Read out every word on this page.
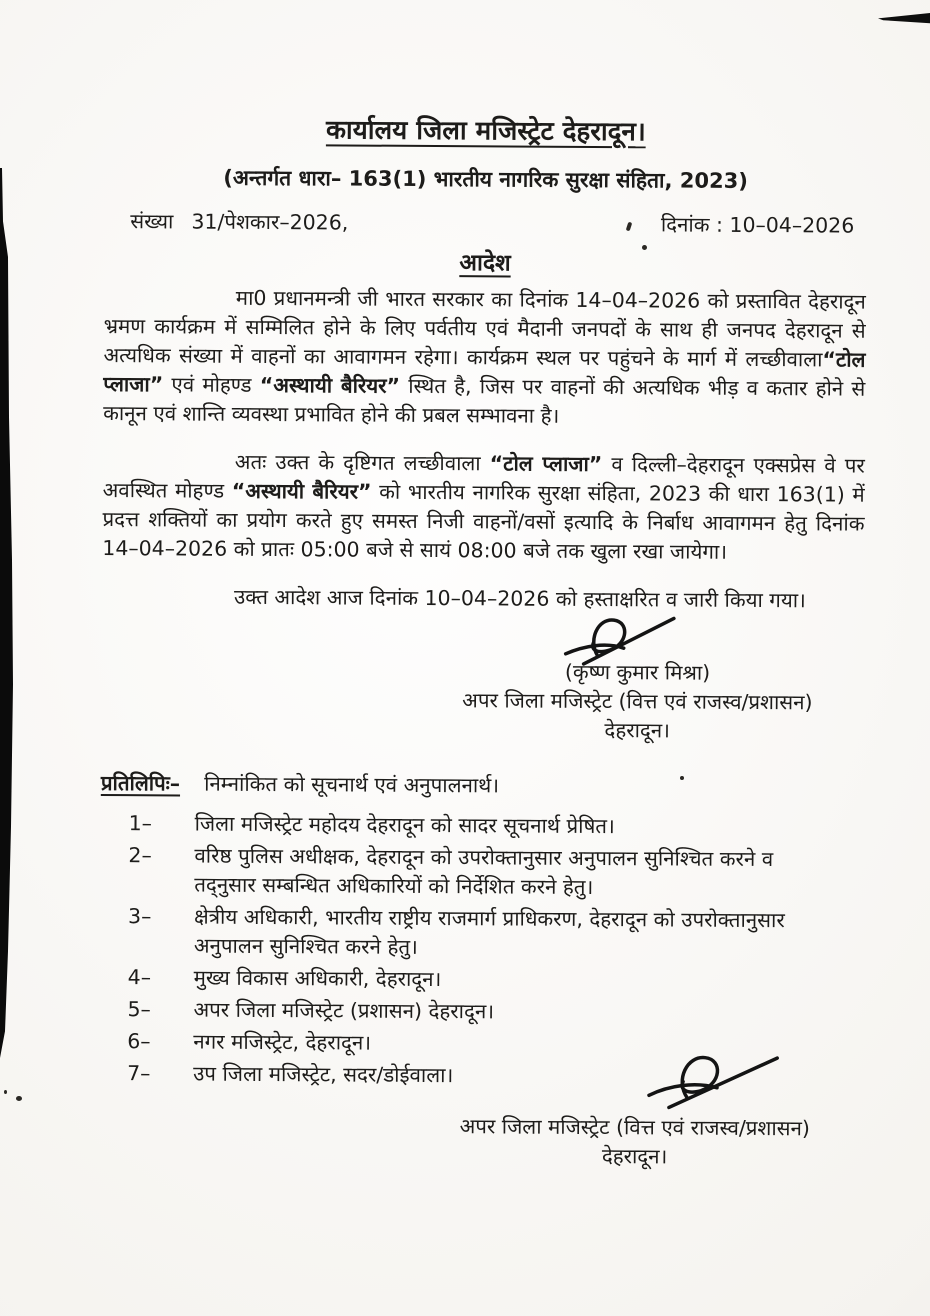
कार्यालय जिला मजिस्ट्रेट देहरादून।
(अन्तर्गत धारा– 163(1) भारतीय नागरिक सुरक्षा संहिता, 2023)
संख्या 31/पेशकार–2026,	दिनांक : 10–04–2026
आदेश

मा0 प्रधानमन्त्री जी भारत सरकार का दिनांक 14–04–2026 को प्रस्तावित देहरादून भ्रमण कार्यक्रम में सम्मिलित होने के लिए पर्वतीय एवं मैदानी जनपदों के साथ ही जनपद देहरादून से अत्यधिक संख्या में वाहनों का आवागमन रहेगा। कार्यक्रम स्थल पर पहुंचने के मार्ग में लच्छीवाला“टोल प्लाजा” एवं मोहण्ड “अस्थायी बैरियर” स्थित है, जिस पर वाहनों की अत्यधिक भीड़ व कतार होने से कानून एवं शान्ति व्यवस्था प्रभावित होने की प्रबल सम्भावना है।

अतः उक्त के दृष्टिगत लच्छीवाला “टोल प्लाजा” व दिल्ली–देहरादून एक्सप्रेस वे पर अवस्थित मोहण्ड “अस्थायी बैरियर” को भारतीय नागरिक सुरक्षा संहिता, 2023 की धारा 163(1) में प्रदत्त शक्तियों का प्रयोग करते हुए समस्त निजी वाहनों/वसों इत्यादि के निर्बाध आवागमन हेतु दिनांक 14–04–2026 को प्रातः 05:00 बजे से सायं 08:00 बजे तक खुला रखा जायेगा।

उक्त आदेश आज दिनांक 10–04–2026 को हस्ताक्षरित व जारी किया गया।

(कृष्ण कुमार मिश्रा)
अपर जिला मजिस्ट्रेट (वित्त एवं राजस्व/प्रशासन)
देहरादून।
प्रतिलिपिः– निम्नांकित को सूचनार्थ एवं अनुपालनार्थ।
1–	जिला मजिस्ट्रेट महोदय देहरादून को सादर सूचनार्थ प्रेषित।
2–	वरिष्ठ पुलिस अधीक्षक, देहरादून को उपरोक्तानुसार अनुपालन सुनिश्चित करने व तद्नुसार सम्बन्धित अधिकारियों को निर्देशित करने हेतु।
3–	क्षेत्रीय अधिकारी, भारतीय राष्ट्रीय राजमार्ग प्राधिकरण, देहरादून को उपरोक्तानुसार अनुपालन सुनिश्चित करने हेतु।
4–	मुख्य विकास अधिकारी, देहरादून।
5–	अपर जिला मजिस्ट्रेट (प्रशासन) देहरादून।
6–	नगर मजिस्ट्रेट, देहरादून।
7–	उप जिला मजिस्ट्रेट, सदर/डोईवाला।
अपर जिला मजिस्ट्रेट (वित्त एवं राजस्व/प्रशासन)
देहरादून।
